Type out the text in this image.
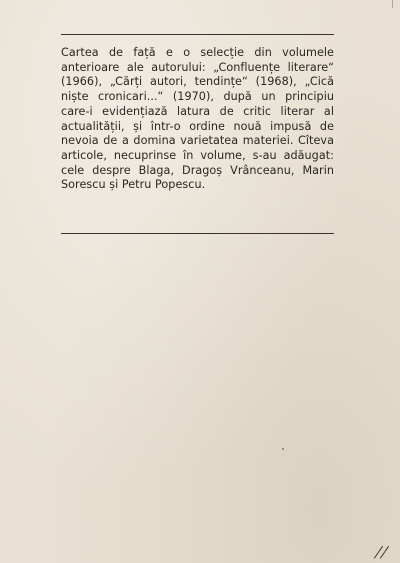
Cartea de față e o selecție din volumele anterioare ale autorului: „Confluențe literare“ (1966), „Cărți autori, tendințe“ (1968), „Cică niște cronicari...“ (1970), după un principiu care-i evidențiază latura de critic literar al actualității, și într-o ordine nouă impusă de nevoia de a domina varietatea materiei. Cîteva articole, necuprinse în volume, s-au adăugat: cele despre Blaga, Dragoș Vrânceanu, Marin Sorescu și Petru Popescu.

//
